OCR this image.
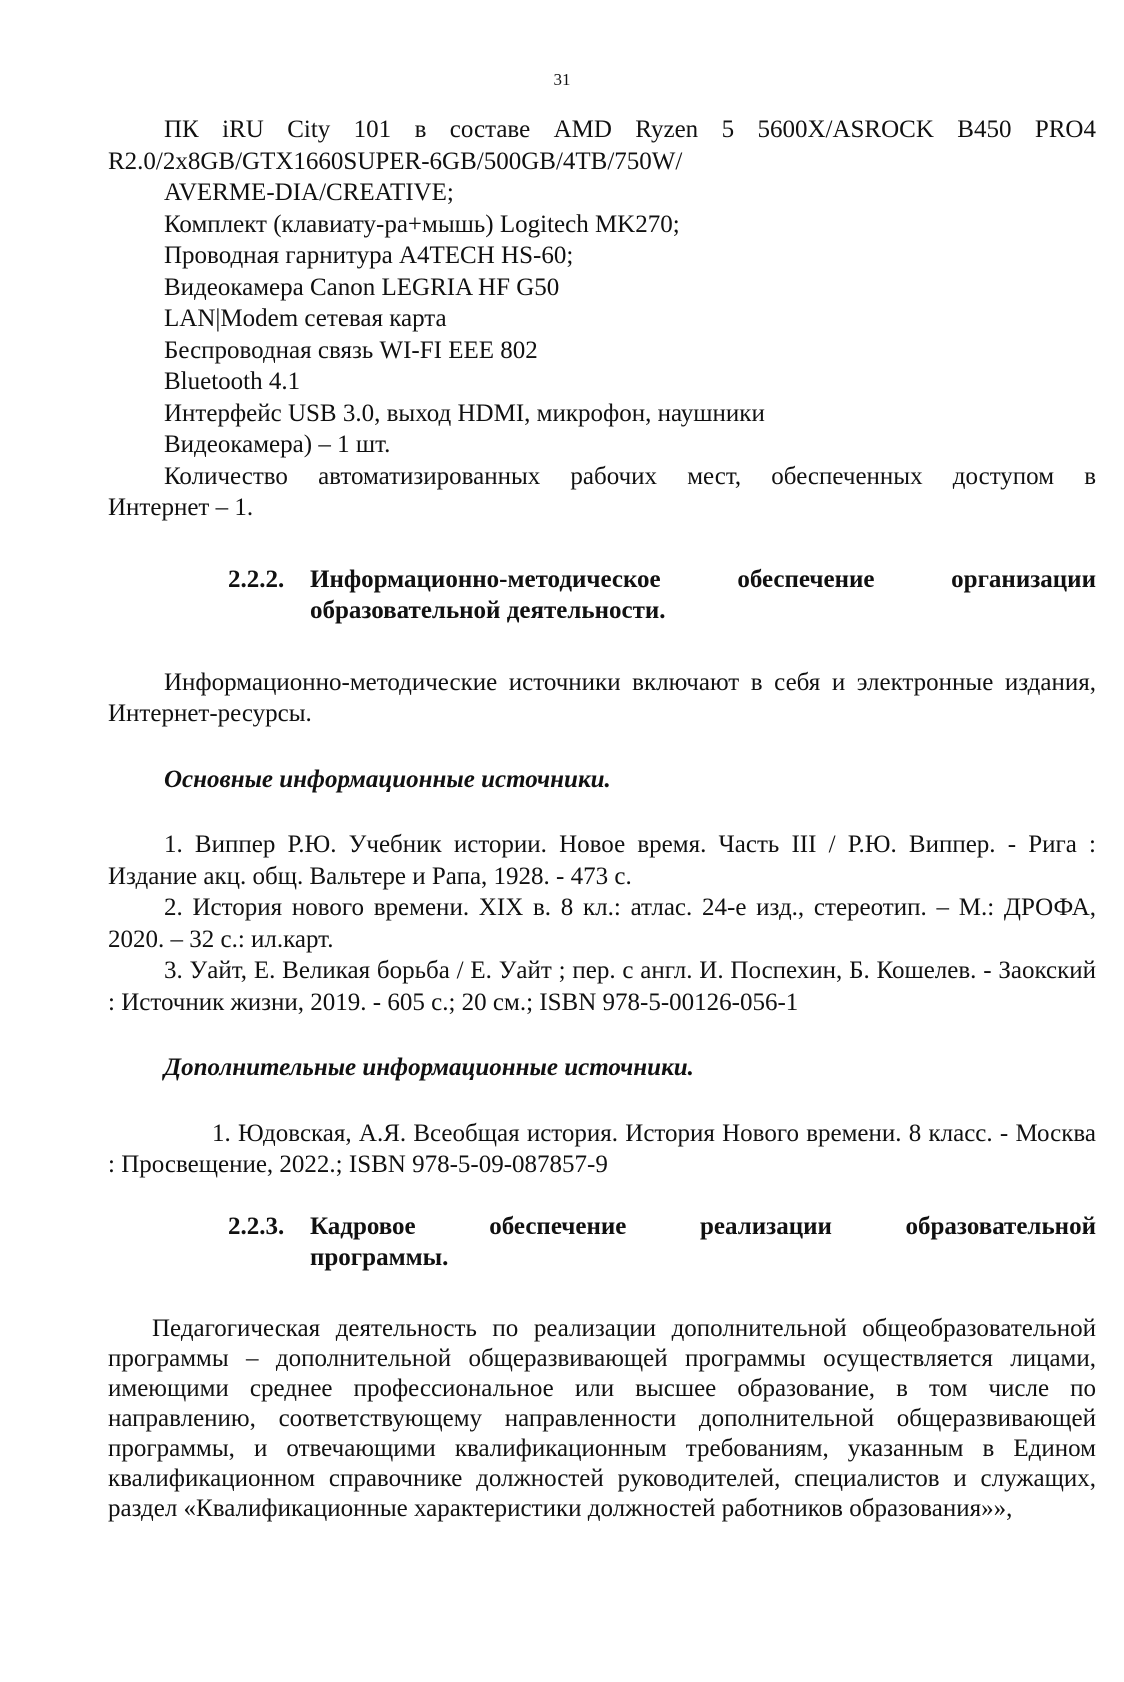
31
ПК iRU City 101 в составе AMD Ryzen 5 5600X/ASROCK B450 PRO4
R2.0/2x8GB/GTX1660SUPER-6GB/500GB/4TB/750W/
AVERME-DIA/CREATIVE;
Комплект (клавиату-ра+мышь) Logitech MK270;
Проводная гарнитура A4TECH HS-60;
Видеокамера Canon LEGRIA HF G50
LAN|Modem сетевая карта
Беспроводная связь WI-FI EEE 802
Bluetooth 4.1
Интерфейс USB 3.0, выход HDMI, микрофон, наушники
Видеокамера) – 1 шт.
Количество автоматизированных рабочих мест, обеспеченных доступом в
Интернет – 1.
2.2.2.	Информационно-методическое обеспечение организации
образовательной деятельности.
Информационно-методические источники включают в себя и электронные издания, Интернет-ресурсы.
Основные информационные источники.
1. Виппер Р.Ю. Учебник истории. Новое время. Часть III / Р.Ю. Виппер. - Рига : Издание акц. общ. Вальтере и Рапа, 1928. - 473 с.
2. История нового времени. XIX в. 8 кл.: атлас. 24-е изд., стереотип. – М.: ДРОФА, 2020. – 32 с.: ил.карт.
3. Уайт, Е. Великая борьба / Е. Уайт ; пер. с англ. И. Поспехин, Б. Кошелев. - Заокский : Источник жизни, 2019. - 605 с.; 20 см.; ISBN 978-5-00126-056-1
Дополнительные информационные источники.
1. Юдовская, А.Я. Всеобщая история. История Нового времени. 8 класс. - Москва : Просвещение, 2022.; ISBN 978-5-09-087857-9
2.2.3.	Кадровое обеспечение реализации образовательной
программы.
Педагогическая деятельность по реализации дополнительной общеобразовательной программы – дополнительной общеразвивающей программы осуществляется лицами, имеющими среднее профессиональное или высшее образование, в том числе по направлению, соответствующему направленности дополнительной общеразвивающей программы, и отвечающими квалификационным требованиям, указанным в Едином квалификационном справочнике должностей руководителей, специалистов и служащих, раздел «Квалификационные характеристики должностей работников образования»»,
